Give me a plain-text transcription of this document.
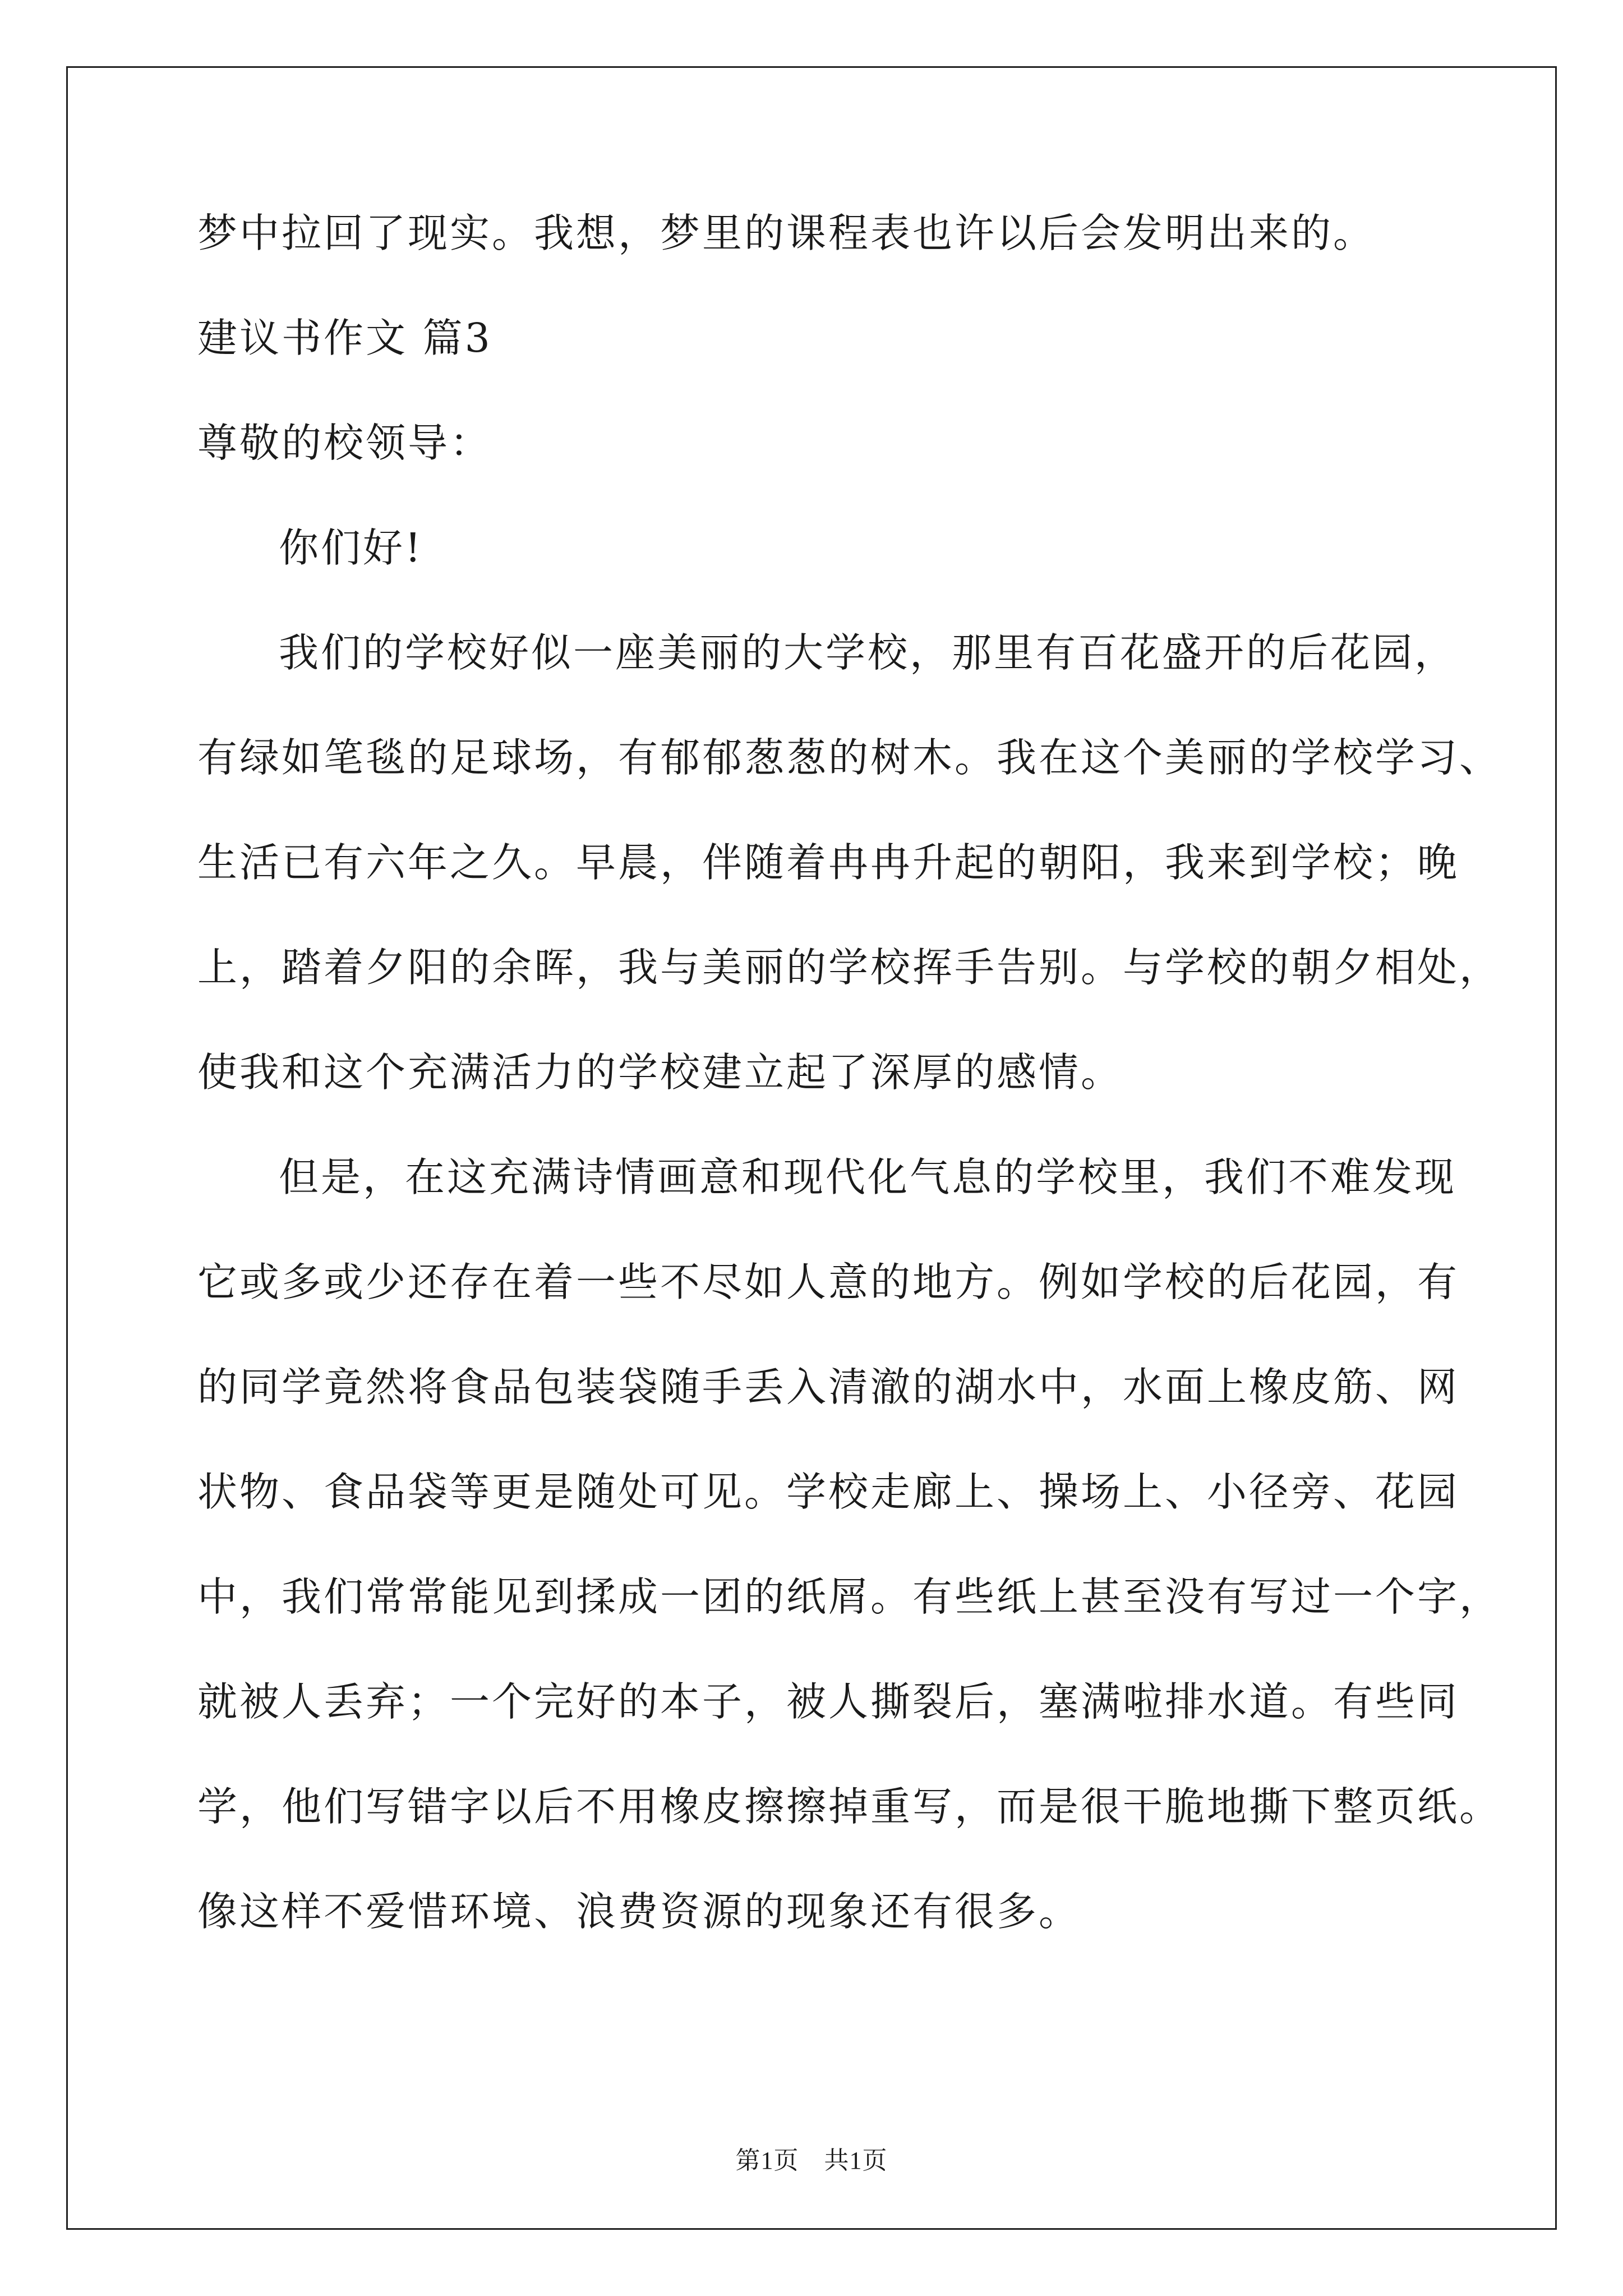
梦中拉回了现实。我想，梦里的课程表也许以后会发明出来的。
建议书作文 篇3
尊敬的校领导：
你们好!
我们的学校好似一座美丽的大学校，那里有百花盛开的后花园，
有绿如笔毯的足球场，有郁郁葱葱的树木。我在这个美丽的学校学习、
生活已有六年之久。早晨，伴随着冉冉升起的朝阳，我来到学校；晚
上，踏着夕阳的余晖，我与美丽的学校挥手告别。与学校的朝夕相处，
使我和这个充满活力的学校建立起了深厚的感情。
但是，在这充满诗情画意和现代化气息的学校里，我们不难发现
它或多或少还存在着一些不尽如人意的地方。例如学校的后花园，有
的同学竟然将食品包装袋随手丢入清澈的湖水中，水面上橡皮筋、网
状物、食品袋等更是随处可见。学校走廊上、操场上、小径旁、花园
中，我们常常能见到揉成一团的纸屑。有些纸上甚至没有写过一个字，
就被人丢弃；一个完好的本子，被人撕裂后，塞满啦排水道。有些同
学，他们写错字以后不用橡皮擦擦掉重写，而是很干脆地撕下整页纸。
像这样不爱惜环境、浪费资源的现象还有很多。
第1页　共1页
